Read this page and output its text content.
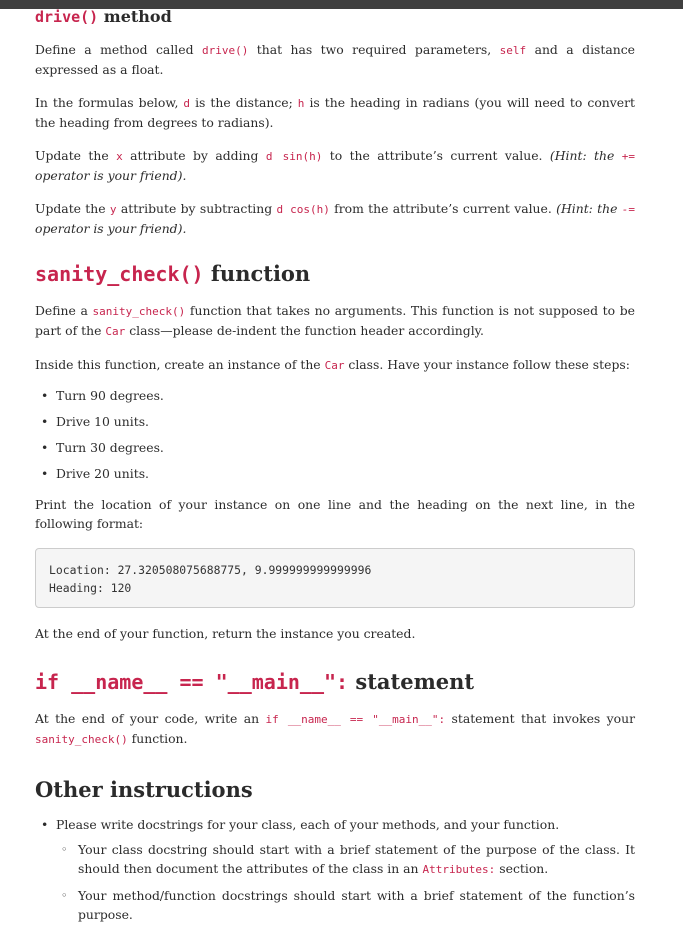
drive() method

Define a method called drive() that has two required parameters, self and a distance expressed as a float.

In the formulas below, d is the distance; h is the heading in radians (you will need to convert the heading from degrees to radians).

Update the x attribute by adding d sin(h) to the attribute’s current value. (Hint: the += operator is your friend).

Update the y attribute by subtracting d cos(h) from the attribute’s current value. (Hint: the -= operator is your friend).

sanity_check() function

Define a sanity_check() function that takes no arguments. This function is not supposed to be part of the Car class—please de-indent the function header accordingly.

Inside this function, create an instance of the Car class. Have your instance follow these steps:

• Turn 90 degrees.
• Drive 10 units.
• Turn 30 degrees.
• Drive 20 units.

Print the location of your instance on one line and the heading on the next line, in the following format:

Location: 27.320508075688775, 9.999999999999996
Heading: 120

At the end of your function, return the instance you created.

if __name__ == "__main__": statement

At the end of your code, write an if __name__ == "__main__": statement that invokes your sanity_check() function.

Other instructions
• Please write docstrings for your class, each of your methods, and your function.
◦ Your class docstring should start with a brief statement of the purpose of the class. It should then document the attributes of the class in an Attributes: section.
◦ Your method/function docstrings should start with a brief statement of the function’s purpose.
